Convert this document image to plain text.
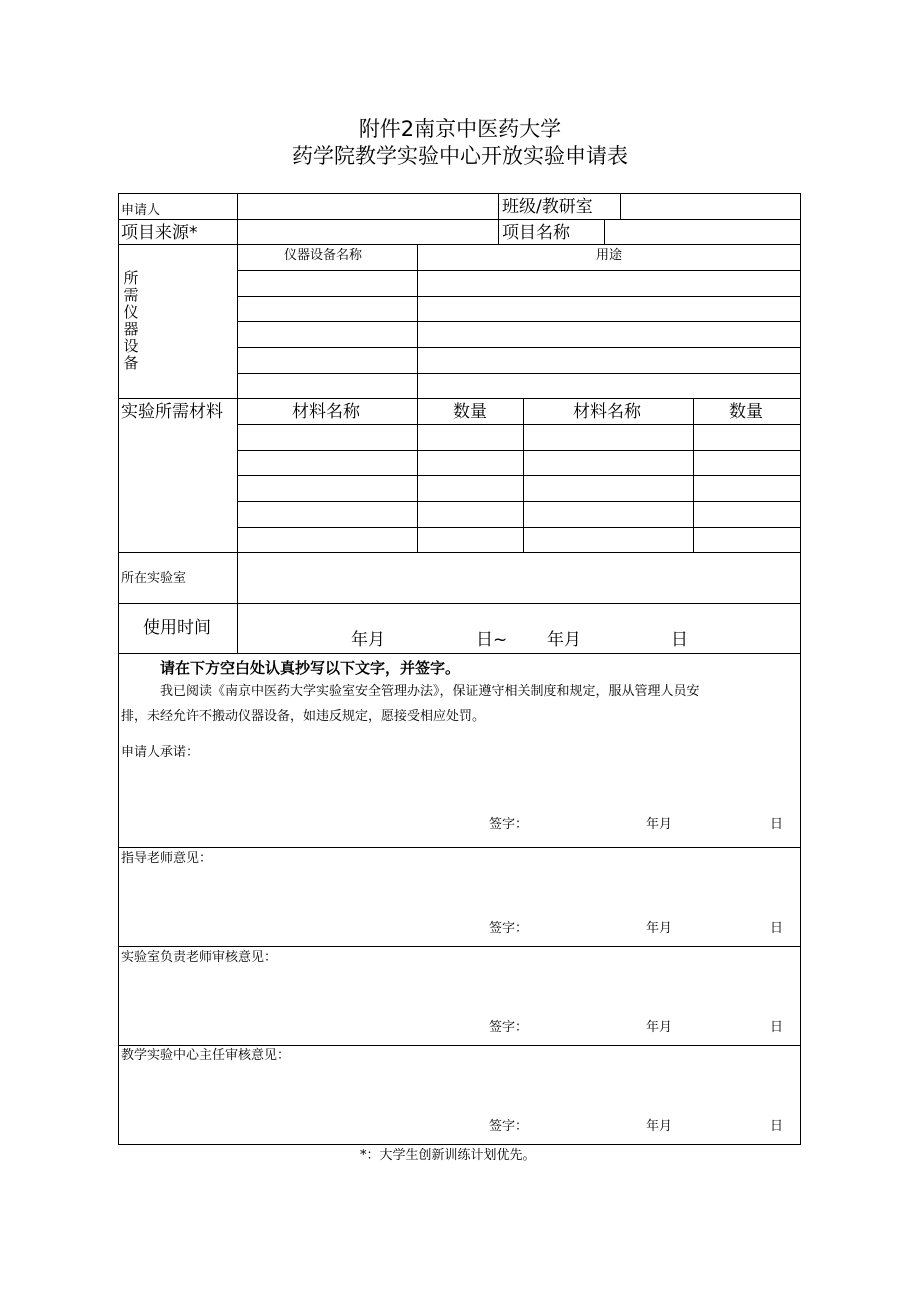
附件2南京中医药大学
药学院教学实验中心开放实验申请表
申请人	班级/教研室
项目来源*	项目名称
所
需
仪
器
设
备
仪器设备名称	用途
实验所需材料	材料名称	数量	材料名称	数量
所在实验室
使用时间
年月	日~ 年月	日
请在下方空白处认真抄写以下文字，并签字。
我已阅读《南京中医药大学实验室安全管理办法》，保证遵守相关制度和规定，服从管理人员安
排，未经允许不搬动仪器设备，如违反规定，愿接受相应处罚。
申请人承诺：
签字：	年月	日
指导老师意见：
签字：	年月	日
实验室负责老师审核意见：
签字：	年月	日
教学实验中心主任审核意见：
签字：	年月	日
*：大学生创新训练计划优先。
